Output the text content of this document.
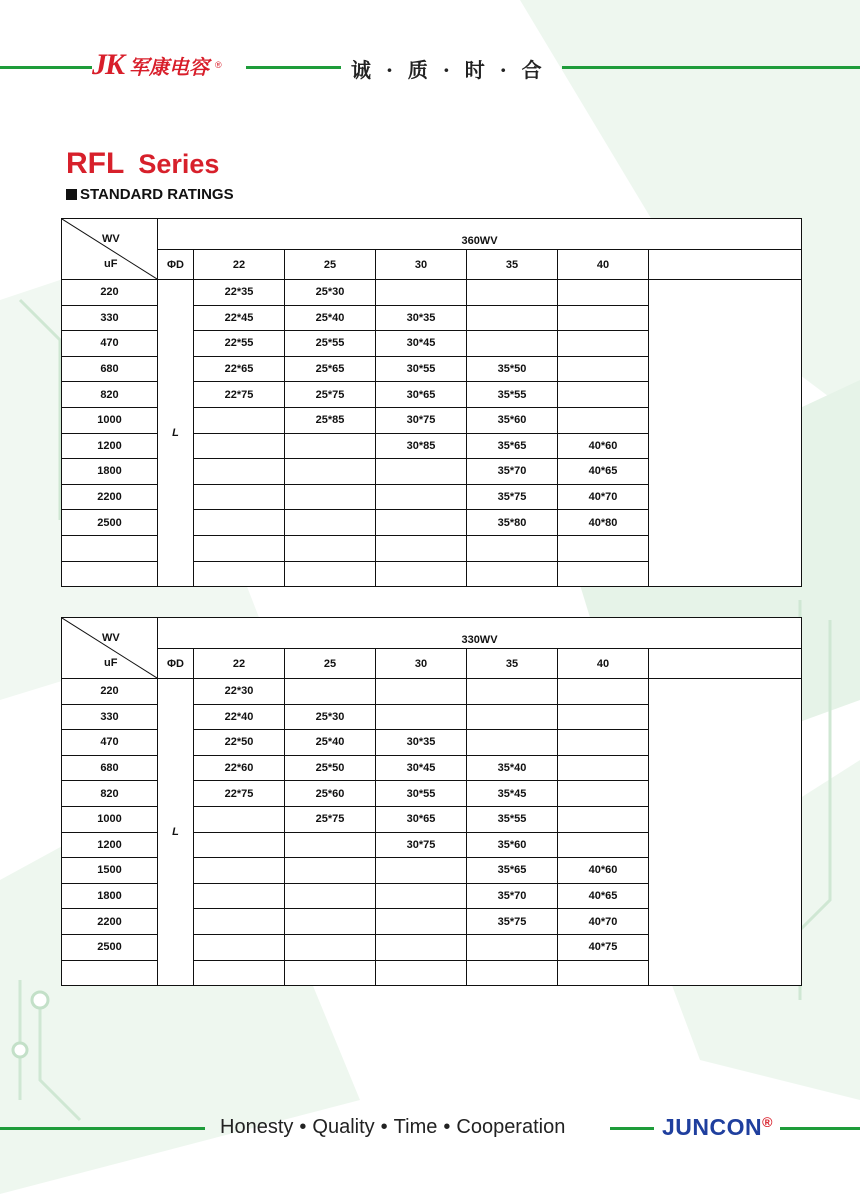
JK 军康电容 ®	诚 · 质 · 时 · 合
RFL Series
STANDARD RATINGS
WV
uF	360WV						
	ΦD	22	25	30	35	40	
220	L	22*35	25*30				
330		22*45	25*40	30*35			
470		22*55	25*55	30*45			
680		22*65	25*65	30*55	35*50		
820		22*75	25*75	30*65	35*55		
1000			25*85	30*75	35*60		
1200				30*85	35*65	40*60	
1800					35*70	40*65	
2200					35*75	40*70	
2500					35*80	40*80	

WV
uF	330WV						
	ΦD	22	25	30	35	40	
220	L	22*30					
330		22*40	25*30				
470		22*50	25*40	30*35			
680		22*60	25*50	30*45	35*40		
820		22*75	25*60	30*55	35*45		
1000			25*75	30*65	35*55		
1200				30*75	35*60		
1500					35*65	40*60	
1800					35*70	40*65	
2200					35*75	40*70	
2500						40*75	

Honesty • Quality • Time • Cooperation	JUNCON®
